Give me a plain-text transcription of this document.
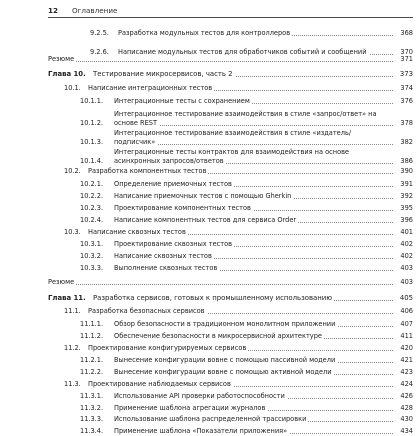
12	Оглавление
9.2.5.	Разработка модульных тестов для контроллеров	368
9.2.6.	Написание модульных тестов для обработчиков событий и сообщений	370
Резюме	371
Глава 10.	Тестирование микросервисов, часть 2	373
10.1.	Написание интеграционных тестов	374
10.1.1.	Интеграционные тесты с сохранением	376
10.1.2.
Интеграционное тестирование взаимодействия в стиле «запрос/ответ» на основе REST	378
10.1.3.
Интеграционное тестирование взаимодействия в стиле «издатель/подписчик»	382
10.1.4.
Интеграционные тесты контрактов для взаимодействия на основе асинхронных запросов/ответов	386
10.2.	Разработка компонентных тестов	390
10.2.1.	Определение приемочных тестов	391
10.2.2.	Написание приемочных тестов с помощью Gherkin	392
10.2.3.	Проектирование компонентных тестов	395
10.2.4.	Написание компонентных тестов для сервиса Order	396
10.3.	Написание сквозных тестов	401
10.3.1.	Проектирование сквозных тестов	402
10.3.2.	Написание сквозных тестов	402
10.3.3.	Выполнение сквозных тестов	403
Резюме	403
Глава 11.	Разработка сервисов, готовых к промышленному использованию	405
11.1.	Разработка безопасных сервисов	406
11.1.1.	Обзор безопасности в традиционном монолитном приложении	407
11.1.2.	Обеспечение безопасности в микросервисной архитектуре	411
11.2.	Проектирование конфигурируемых сервисов	420
11.2.1.	Вынесение конфигурации вовне с помощью пассивной модели	421
11.2.2.	Вынесение конфигурации вовне с помощью активной модели	423
11.3.	Проектирование наблюдаемых сервисов	424
11.3.1.	Использование API проверки работоспособности	426
11.3.2.	Применение шаблона агрегации журналов	428
11.3.3.	Использование шаблона распределенной трассировки	430
11.3.4.	Применение шаблона «Показатели приложения»	434
